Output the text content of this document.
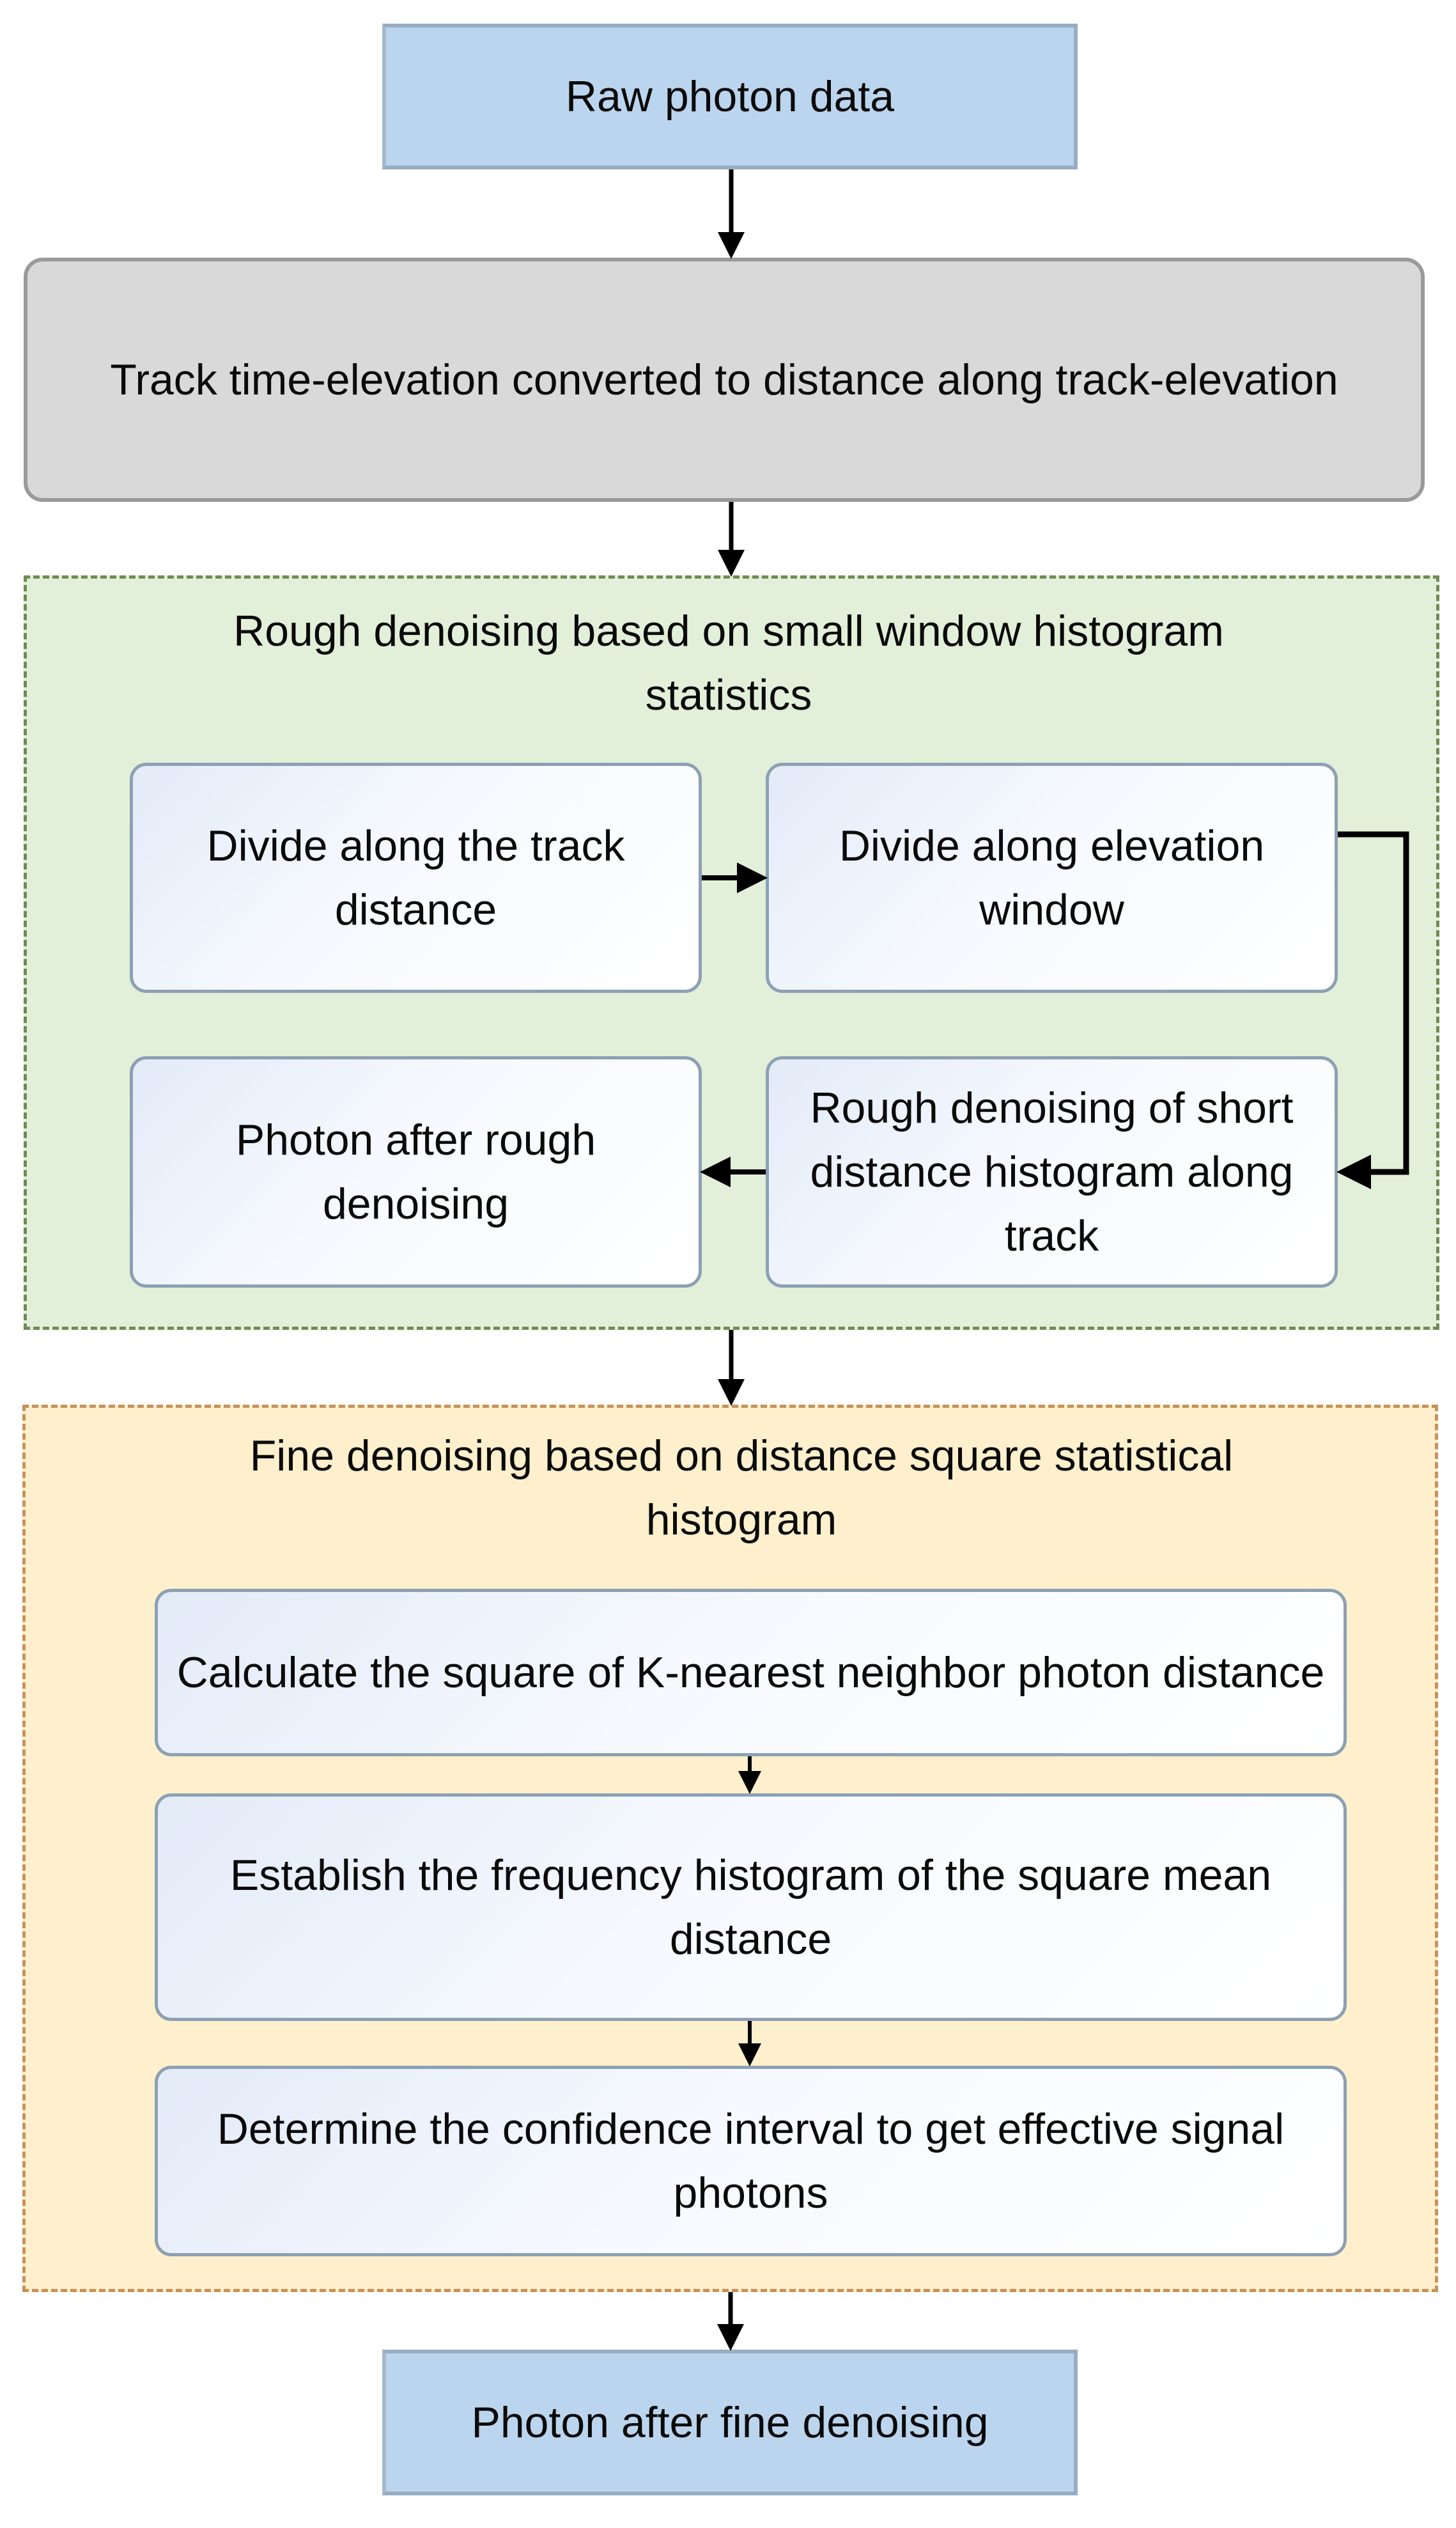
Raw photon data
Track time-elevation converted to distance along track-elevation
Rough denoising based on small window histogram statistics
Divide along the track distance
Divide along elevation window
Rough denoising of short distance histogram along track
Photon after rough denoising
Fine denoising based on distance square statistical histogram
Calculate the square of K-nearest neighbor photon distance
Establish the frequency histogram of the square mean distance
Determine the confidence interval to get effective signal photons
Photon after fine denoising
